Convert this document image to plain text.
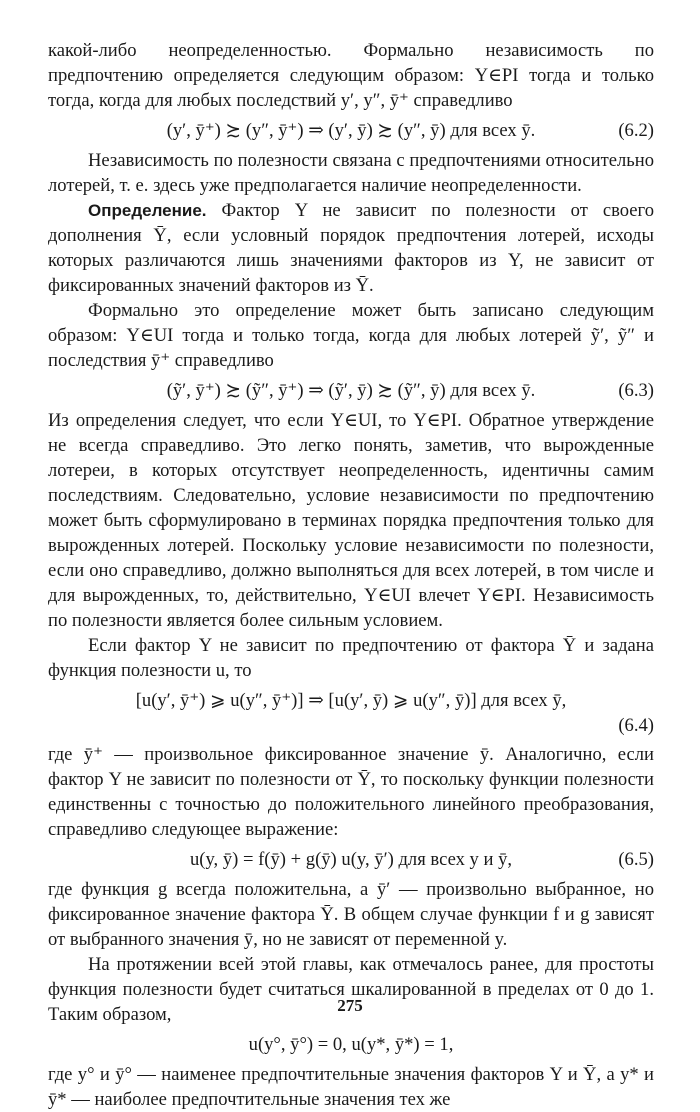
какой-либо неопределенностью. Формально независимость по предпочтению определяется следующим образом: Y∈PI тогда и только тогда, когда для любых последствий y′, y″, ȳ⁺ справедливо

(y′, ȳ⁺) ≿ (y″, ȳ⁺) ⇒ (y′, ȳ) ≿ (y″, ȳ) для всех ȳ.	(6.2)

Независимость по полезности связана с предпочтениями относительно лотерей, т. е. здесь уже предполагается наличие неопределенности.

Определение. Фактор Y не зависит по полезности от своего дополнения Ȳ, если условный порядок предпочтения лотерей, исходы которых различаются лишь значениями факторов из Y, не зависит от фиксированных значений факторов из Ȳ.

Формально это определение может быть записано следующим образом: Y∈UI тогда и только тогда, когда для любых лотерей ỹ′, ỹ″ и последствия ȳ⁺ справедливо

(ỹ′, ȳ⁺) ≿ (ỹ″, ȳ⁺) ⇒ (ỹ′, ȳ) ≿ (ỹ″, ȳ) для всех ȳ.	(6.3)

Из определения следует, что если Y∈UI, то Y∈PI. Обратное утверждение не всегда справедливо. Это легко понять, заметив, что вырожденные лотереи, в которых отсутствует неопределенность, идентичны самим последствиям. Следовательно, условие независимости по предпочтению может быть сформулировано в терминах порядка предпочтения только для вырожденных лотерей. Поскольку условие независимости по полезности, если оно справедливо, должно выполняться для всех лотерей, в том числе и для вырожденных, то, действительно, Y∈UI влечет Y∈PI. Независимость по полезности является более сильным условием.

Если фактор Y не зависит по предпочтению от фактора Ȳ и задана функция полезности u, то

[u(y′, ȳ⁺) ⩾ u(y″, ȳ⁺)] ⇒ [u(y′, ȳ) ⩾ u(y″, ȳ)] для всех ȳ,
(6.4)

где ȳ⁺ — произвольное фиксированное значение ȳ. Аналогично, если фактор Y не зависит по полезности от Ȳ, то поскольку функции полезности единственны с точностью до положительного линейного преобразования, справедливо следующее выражение:

u(y, ȳ) = f(ȳ) + g(ȳ) u(y, ȳ′) для всех y и ȳ,	(6.5)

где функция g всегда положительна, а ȳ′ — произвольно выбранное, но фиксированное значение фактора Ȳ. В общем случае функции f и g зависят от выбранного значения ȳ, но не зависят от переменной y.

На протяжении всей этой главы, как отмечалось ранее, для простоты функция полезности будет считаться шкалированной в пределах от 0 до 1. Таким образом,

u(y°, ȳ°) = 0, u(y*, ȳ*) = 1,

где y° и ȳ° — наименее предпочтительные значения факторов Y и Ȳ, а y* и ȳ* — наиболее предпочтительные значения тех же

275
